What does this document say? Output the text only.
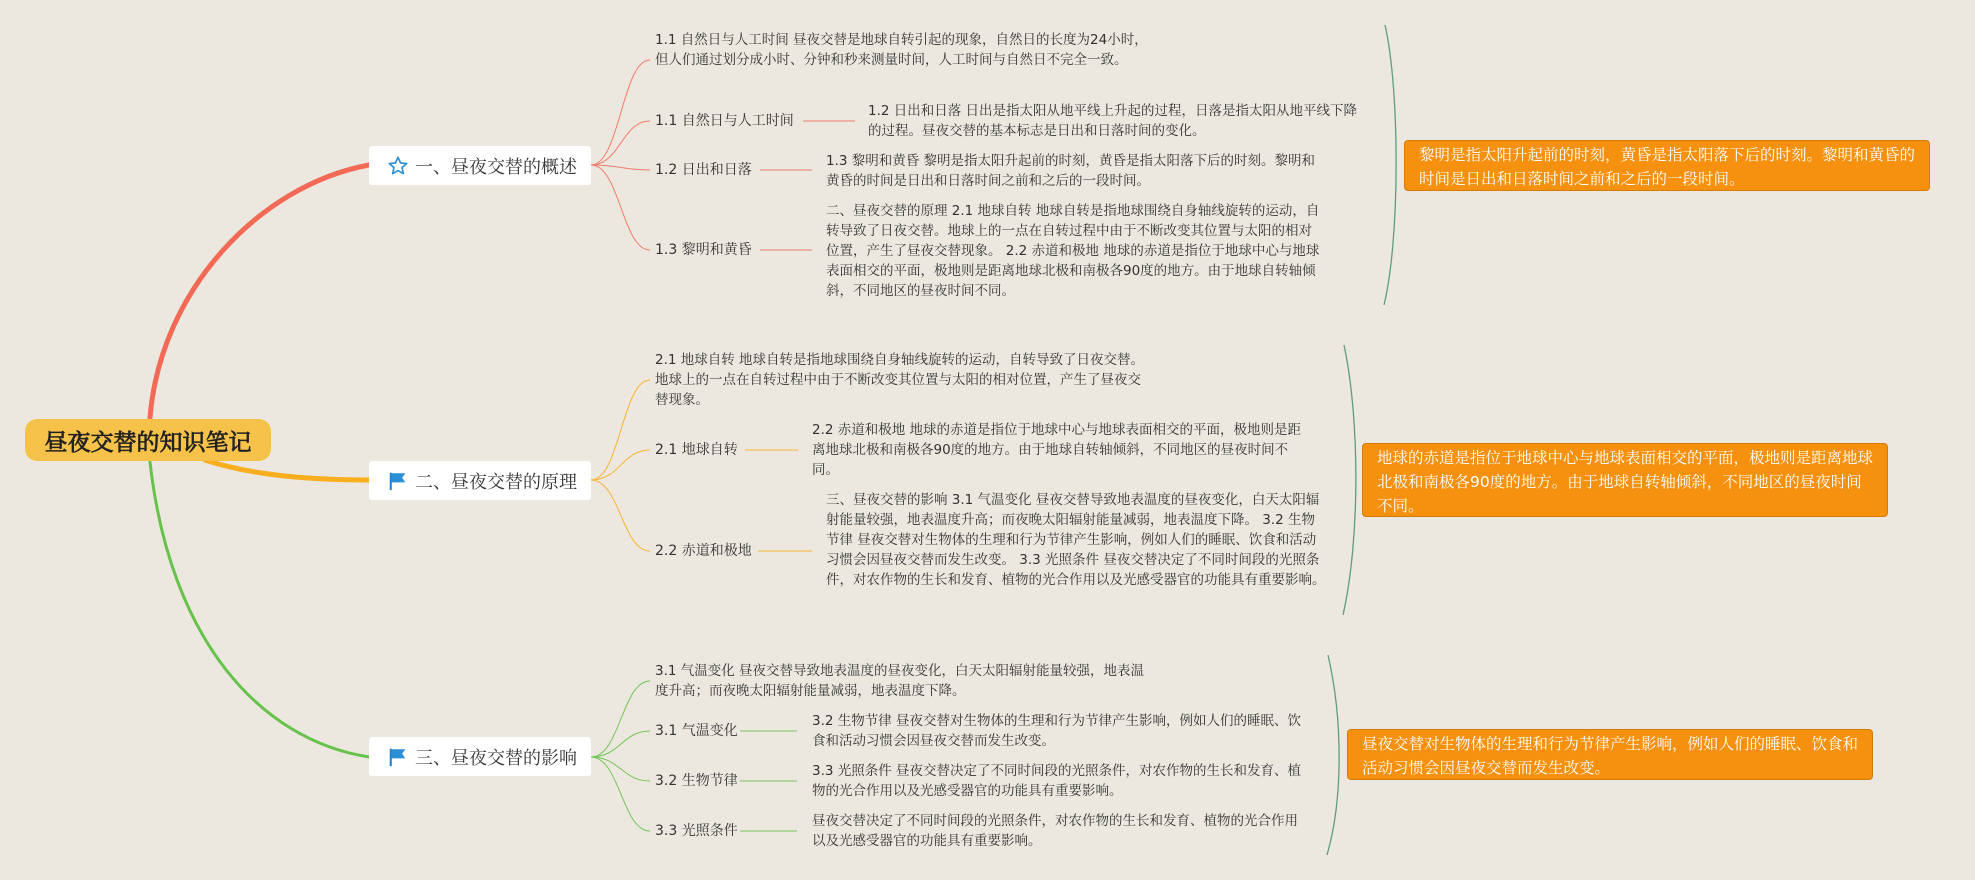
昼夜交替的知识笔记
一、昼夜交替的概述
1.1 自然日与人工时间 昼夜交替是地球自转引起的现象，自然日的长度为24小时，但人们通过划分成小时、分钟和秒来测量时间，人工时间与自然日不完全一致。
1.1 自然日与人工时间
1.2 日出和日落
1.3 黎明和黄昏
1.2 日出和日落 日出是指太阳从地平线上升起的过程，日落是指太阳从地平线下降的过程。昼夜交替的基本标志是日出和日落时间的变化。
1.3 黎明和黄昏 黎明是指太阳升起前的时刻，黄昏是指太阳落下后的时刻。黎明和黄昏的时间是日出和日落时间之前和之后的一段时间。
二、昼夜交替的原理 2.1 地球自转 地球自转是指地球围绕自身轴线旋转的运动，自转导致了日夜交替。地球上的一点在自转过程中由于不断改变其位置与太阳的相对位置，产生了昼夜交替现象。 2.2 赤道和极地 地球的赤道是指位于地球中心与地球表面相交的平面，极地则是距离地球北极和南极各90度的地方。由于地球自转轴倾斜，不同地区的昼夜时间不同。
黎明是指太阳升起前的时刻，黄昏是指太阳落下后的时刻。黎明和黄昏的时间是日出和日落时间之前和之后的一段时间。
二、昼夜交替的原理
2.1 地球自转 地球自转是指地球围绕自身轴线旋转的运动，自转导致了日夜交替。地球上的一点在自转过程中由于不断改变其位置与太阳的相对位置，产生了昼夜交替现象。
2.1 地球自转
2.2 赤道和极地
2.2 赤道和极地 地球的赤道是指位于地球中心与地球表面相交的平面，极地则是距离地球北极和南极各90度的地方。由于地球自转轴倾斜，不同地区的昼夜时间不同。
三、昼夜交替的影响 3.1 气温变化 昼夜交替导致地表温度的昼夜变化，白天太阳辐射能量较强，地表温度升高；而夜晚太阳辐射能量减弱，地表温度下降。 3.2 生物节律 昼夜交替对生物体的生理和行为节律产生影响，例如人们的睡眠、饮食和活动习惯会因昼夜交替而发生改变。 3.3 光照条件 昼夜交替决定了不同时间段的光照条件，对农作物的生长和发育、植物的光合作用以及光感受器官的功能具有重要影响。
地球的赤道是指位于地球中心与地球表面相交的平面，极地则是距离地球北极和南极各90度的地方。由于地球自转轴倾斜，不同地区的昼夜时间不同。
三、昼夜交替的影响
3.1 气温变化 昼夜交替导致地表温度的昼夜变化，白天太阳辐射能量较强，地表温度升高；而夜晚太阳辐射能量减弱，地表温度下降。
3.1 气温变化
3.2 生物节律
3.3 光照条件
3.2 生物节律 昼夜交替对生物体的生理和行为节律产生影响，例如人们的睡眠、饮食和活动习惯会因昼夜交替而发生改变。
3.3 光照条件 昼夜交替决定了不同时间段的光照条件，对农作物的生长和发育、植物的光合作用以及光感受器官的功能具有重要影响。
昼夜交替决定了不同时间段的光照条件，对农作物的生长和发育、植物的光合作用以及光感受器官的功能具有重要影响。
昼夜交替对生物体的生理和行为节律产生影响，例如人们的睡眠、饮食和活动习惯会因昼夜交替而发生改变。
